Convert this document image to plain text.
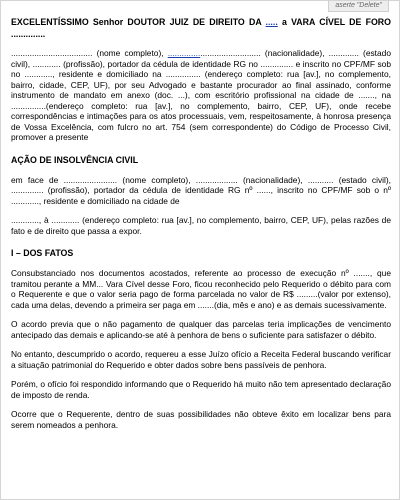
aserte "Delete"

EXCELENTÍSSIMO Senhor DOUTOR JUIZ DE DIREITO DA ..... a VARA CÍVEL DE FORO ..............

................................... (nome completo), ........................................ (nacionalidade), ............. (estado civil), ............ (profissão), portador da cédula de identidade RG no .............. e inscrito no CPF/MF sob no ............, residente e domiciliado na ............... (endereço completo: rua [av.], no complemento, bairro, cidade, CEP, UF), por seu Advogado e bastante procurador ao final assinado, conforme instrumento de mandato em anexo (doc. ...), com escritório profissional na cidade de ......., na ...............(endereço completo: rua [av.], no complemento, bairro, CEP, UF), onde recebe correspondências e intimações para os atos processuais, vem, respeitosamente, à honrosa presença de Vossa Excelência, com fulcro no art. 754 (sem correspondente) do Código de Processo Civil, promover a presente

AÇÃO DE INSOLVÊNCIA CIVIL

em face de ....................... (nome completo), .................. (nacionalidade), ........... (estado civil), .............. (profissão), portador da cédula de identidade RG nº ......, inscrito no CPF/MF sob o nº ............, residente e domiciliado na cidade de

............, à ............ (endereço completo: rua [av.], no complemento, bairro, CEP, UF), pelas razões de fato e de direito que passa a expor.

I – DOS FATOS

Consubstanciado nos documentos acostados, referente ao processo de execução nº ......., que tramitou perante a MM... Vara Cível desse Foro, ficou reconhecido pelo Requerido o débito para com o Requerente e que o valor seria pago de forma parcelada no valor de R$ .........(valor por extenso), cada uma delas, devendo a primeira ser paga em .......(dia, mês e ano) e as demais sucessivamente.

O acordo previa que o não pagamento de qualquer das parcelas teria implicações de vencimento antecipado das demais e aplicando-se até à penhora de bens o suficiente para satisfazer o débito.

No entanto, descumprido o acordo, requereu a esse Juízo ofício a Receita Federal buscando verificar a situação patrimonial do Requerido e obter dados sobre bens passíveis de penhora.

Porém, o ofício foi respondido informando que o Requerido há muito não tem apresentado declaração de imposto de renda.

Ocorre que o Requerente, dentro de suas possibilidades não obteve êxito em localizar bens para serem nomeados a penhora.
